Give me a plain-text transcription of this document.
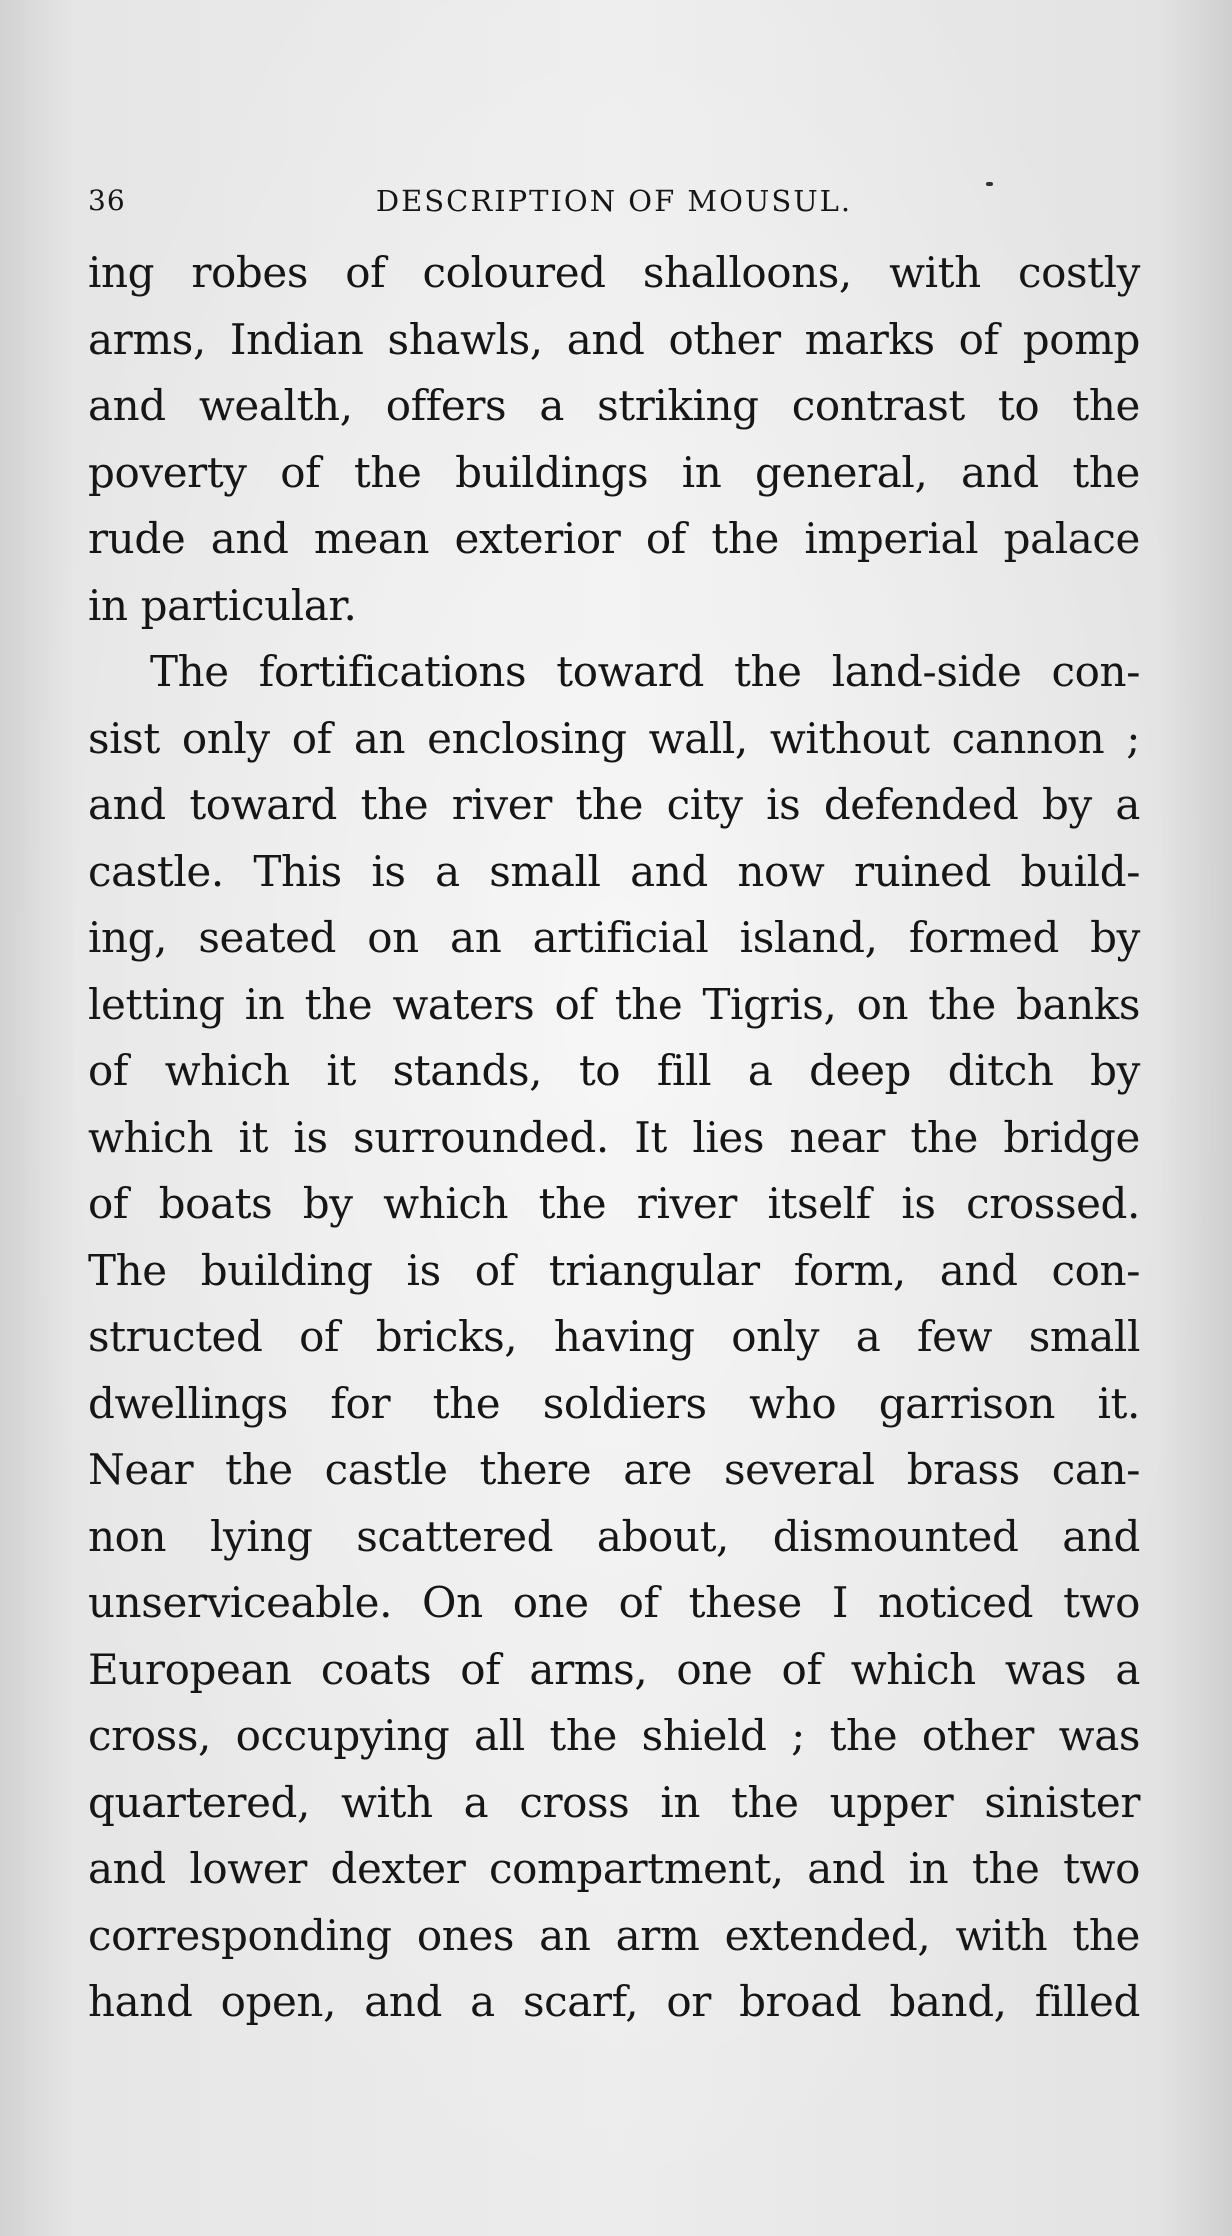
36	DESCRIPTION OF MOUSUL.
ing robes of coloured shalloons, with costly
arms, Indian shawls, and other marks of pomp
and wealth, offers a striking contrast to the
poverty of the buildings in general, and the
rude and mean exterior of the imperial palace
in particular.
The fortifications toward the land-side con-
sist only of an enclosing wall, without cannon ;
and toward the river the city is defended by a
castle. This is a small and now ruined build-
ing, seated on an artificial island, formed by
letting in the waters of the Tigris, on the banks
of which it stands, to fill a deep ditch by
which it is surrounded. It lies near the bridge
of boats by which the river itself is crossed.
The building is of triangular form, and con-
structed of bricks, having only a few small
dwellings for the soldiers who garrison it.
Near the castle there are several brass can-
non lying scattered about, dismounted and
unserviceable. On one of these I noticed two
European coats of arms, one of which was a
cross, occupying all the shield ; the other was
quartered, with a cross in the upper sinister
and lower dexter compartment, and in the two
corresponding ones an arm extended, with the
hand open, and a scarf, or broad band, filled
